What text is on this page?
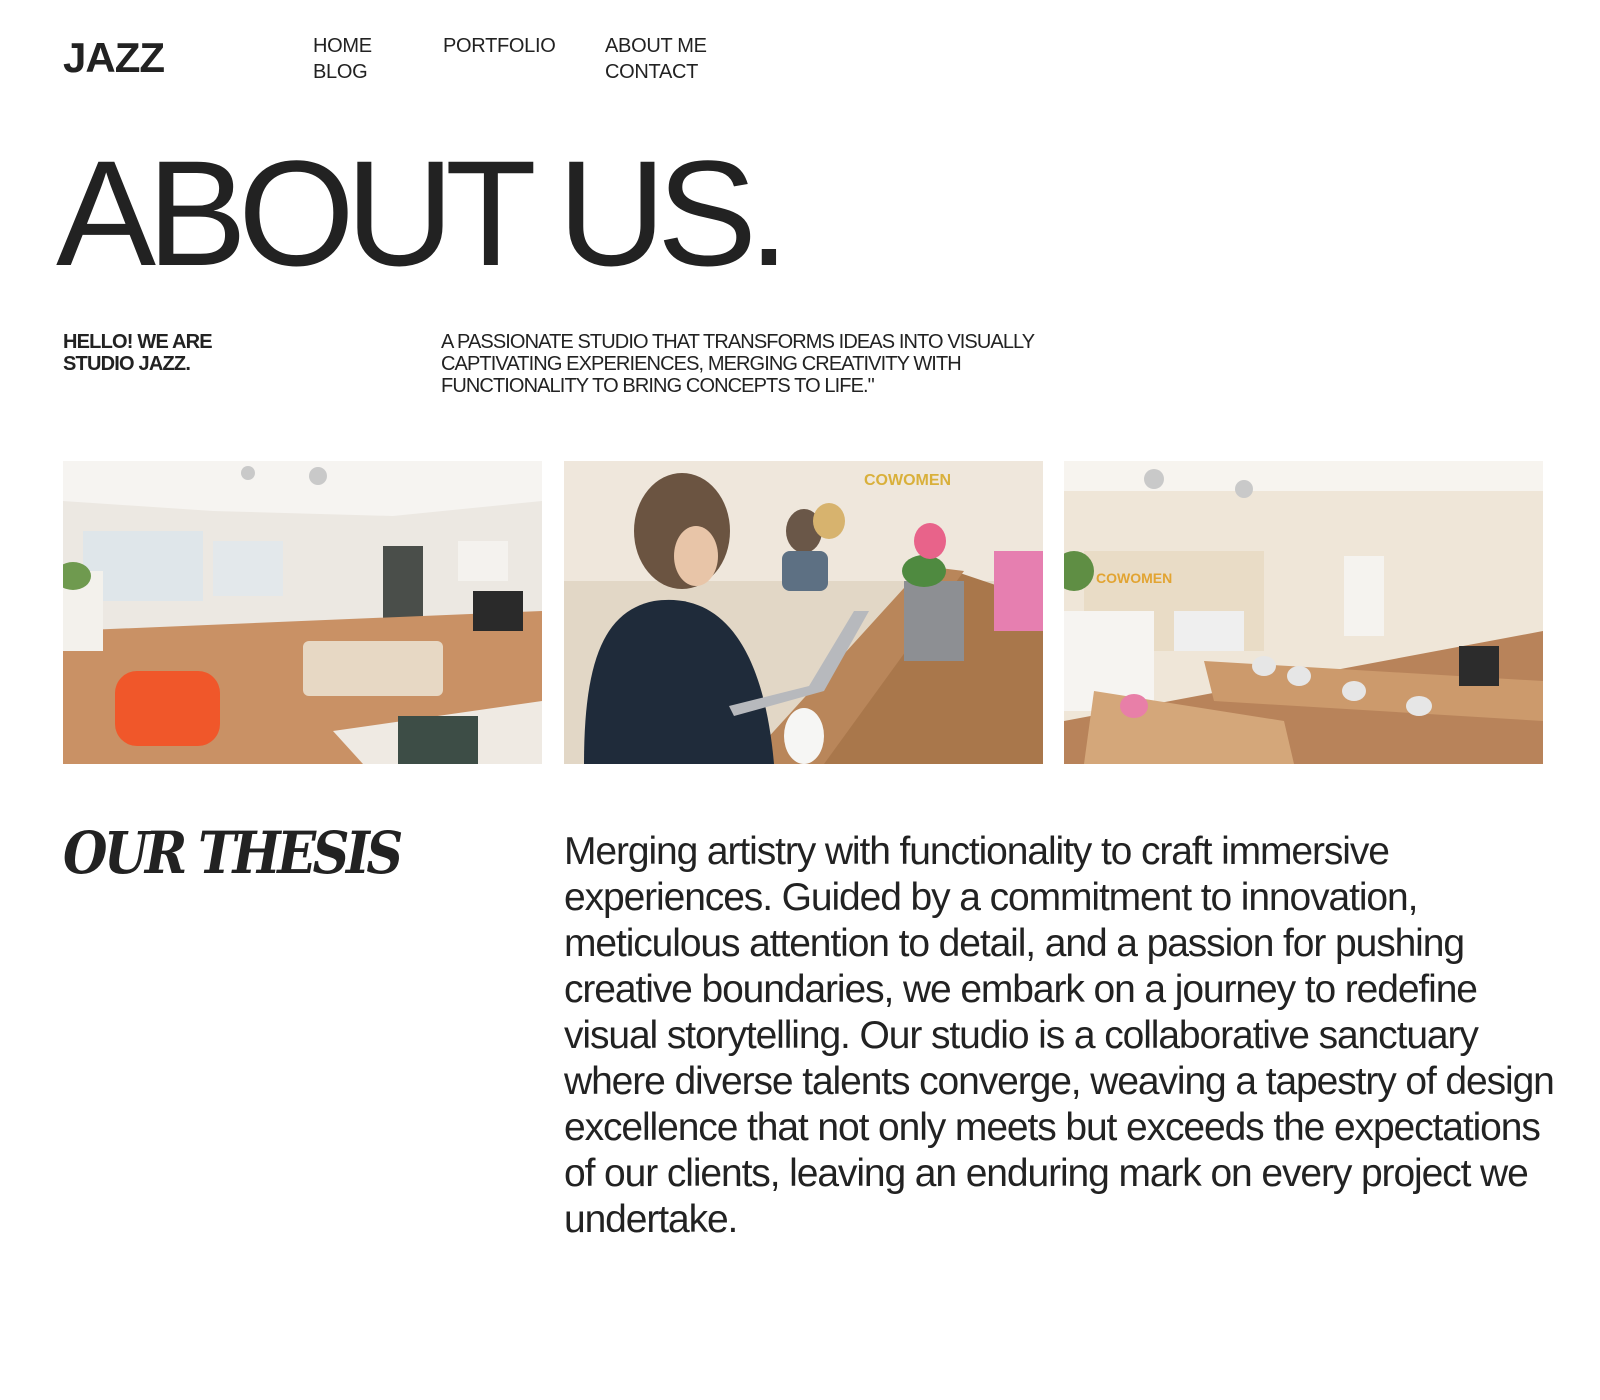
JAZZ	HOME
BLOG
PORTFOLIO ABOUT ME
CONTACT
ABOUT US.
HELLO! WE ARE STUDIO JAZZ.

A PASSIONATE STUDIO THAT TRANSFORMS IDEAS INTO VISUALLY CAPTIVATING EXPERIENCES, MERGING CREATIVITY WITH FUNCTIONALITY TO BRING CONCEPTS TO LIFE."

COWOMEN
COWOMEN
OUR THESIS	Merging artistry with functionality to craft immersive experiences. Guided by a commitment to innovation, meticulous attention to detail, and a passion for pushing creative boundaries, we embark on a journey to redefine visual storytelling. Our studio is a collaborative sanctuary where diverse talents converge, weaving a tapestry of design excellence that not only meets but exceeds the expectations of our clients, leaving an enduring mark on every project we undertake.
